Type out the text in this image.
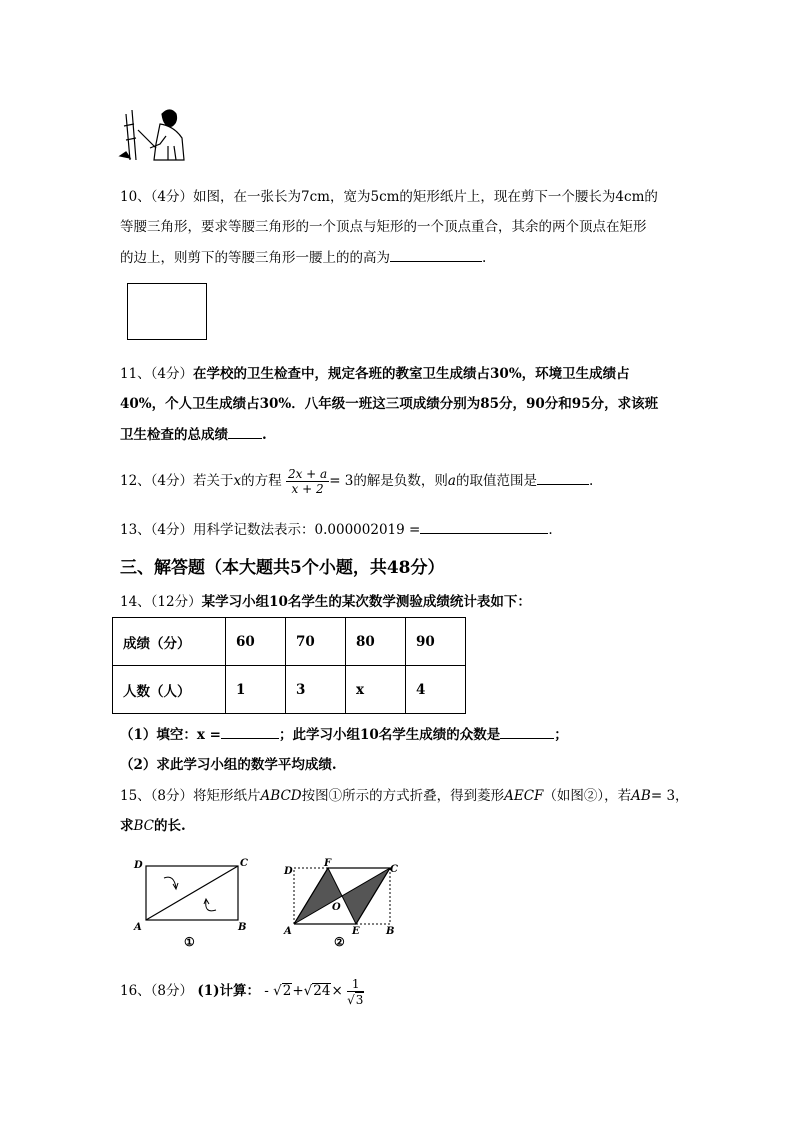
10、（4分）如图，在一张长为7cm，宽为5cm的矩形纸片上，现在剪下一个腰长为4cm的
等腰三角形，要求等腰三角形的一个顶点与矩形的一个顶点重合，其余的两个顶点在矩形
的边上，则剪下的等腰三角形一腰上的的高为	.
11、（4分）在学校的卫生检查中，规定各班的教室卫生成绩占30%，环境卫生成绩占
40%，个人卫生成绩占30%．八年级一班这三项成绩分别为85分，90分和95分，求该班
卫生检查的总成绩	.
12、（4分）若关于x的方程 $\frac{2x + a}{x + 2} = 3$的解是负数，则a的取值范围是	.
13、（4分）用科学记数法表示：0.000002019 =	.
三、解答题（本大题共5个小题，共48分）
14、（12分）某学习小组10名学生的某次数学测验成绩统计表如下：
成绩（分）	60	70	80	90
人数（人）	1	3	x	4
（1）填空：x =	；此学习小组10名学生成绩的众数是	；
（2）求此学习小组的数学平均成绩.
15、（8分）将矩形纸片ABCD按图①所示的方式折叠，得到菱形AECF（如图②），若AB= 3，
求BC的长.
D	C
A	B
①
D
F
C
O
A	E	B
②
16、（8分） (1)计算： - $√2+√24\times \frac{1}{√3}$
